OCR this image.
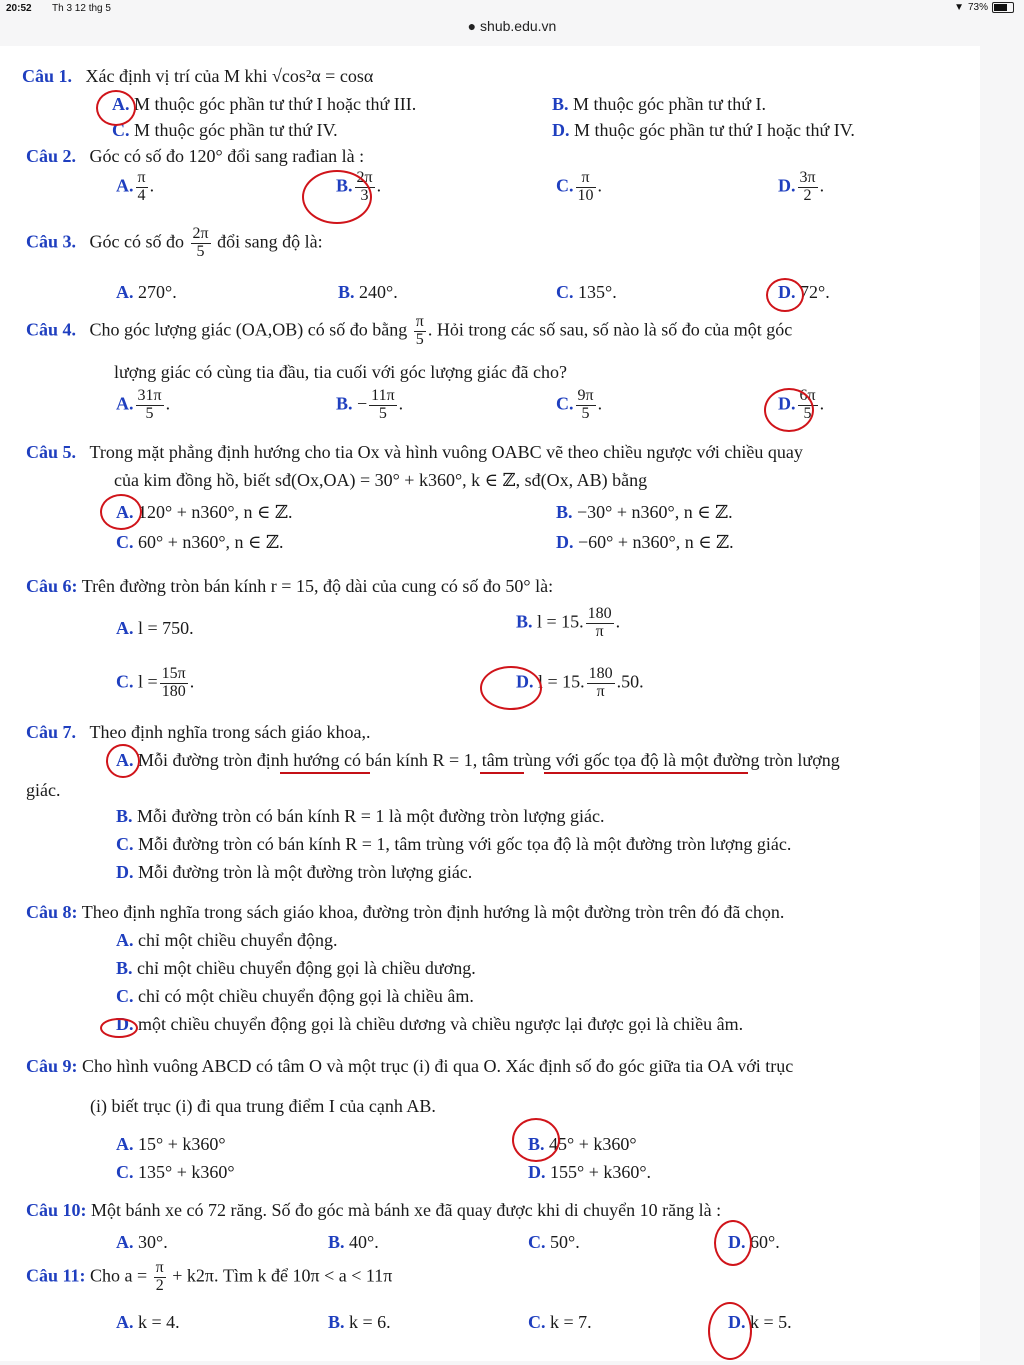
20:52 Th 3 12 thg 5	▼ 73%
● shub.edu.vn
Câu 1. Xác định vị trí của M khi √cos²α = cosα
A. M thuộc góc phần tư thứ I hoặc thứ III.	B. M thuộc góc phần tư thứ I.
C. M thuộc góc phần tư thứ IV.	D. M thuộc góc phần tư thứ I hoặc thứ IV.
Câu 2. Góc có số đo 120° đổi sang rađian là :
A. $\frac{\pi}{4}$ .	B. $\frac{2\pi}{3}$ .	C. $\frac{\pi}{10}$ .	D. $\frac{3\pi}{2}$ .
Câu 3. Góc có số đo $\frac{2\pi}{5}$ đổi sang độ là:
A. 270°.	B. 240°.	C. 135°.	D. 72°.
Câu 4. Cho góc lượng giác (OA,OB) có số đo bằng $\frac{\pi}{5}$ . Hỏi trong các số sau, số nào là số đo của một góc
lượng giác có cùng tia đầu, tia cuối với góc lượng giác đã cho?
A. $\frac{31\pi}{5}$ .	B. − $\frac{11\pi}{5}$ .	C. $\frac{9\pi}{5}$ .	D. $\frac{6\pi}{5}$ .
Câu 5. Trong mặt phẳng định hướng cho tia Ox và hình vuông OABC vẽ theo chiều ngược với chiều quay
của kim đồng hồ, biết sđ(Ox,OA) = 30° + k360°, k ∈ ℤ, sđ(Ox, AB) bằng
A. 120° + n360°, n ∈ ℤ.	B. −30° + n360°, n ∈ ℤ.
C. 60° + n360°, n ∈ ℤ.	D. −60° + n360°, n ∈ ℤ.
Câu 6: Trên đường tròn bán kính r = 15, độ dài của cung có số đo 50° là:
A. l = 750.	B. l = 15. $\frac{180}{\pi}$ .
C. $l = \frac{15\pi}{180}$ .	D. l = 15. $\frac{180}{\pi} .50$.
Câu 7. Theo định nghĩa trong sách giáo khoa,.
A. Mỗi đường tròn định hướng có bán kính R = 1, tâm trùng với gốc tọa độ là một đường tròn lượng
giác.
B. Mỗi đường tròn có bán kính R = 1 là một đường tròn lượng giác.
C. Mỗi đường tròn có bán kính R = 1, tâm trùng với gốc tọa độ là một đường tròn lượng giác.
D. Mỗi đường tròn là một đường tròn lượng giác.
Câu 8: Theo định nghĩa trong sách giáo khoa, đường tròn định hướng là một đường tròn trên đó đã chọn.
A. chỉ một chiều chuyển động.
B. chỉ một chiều chuyển động gọi là chiều dương.
C. chỉ có một chiều chuyển động gọi là chiều âm.
D. một chiều chuyển động gọi là chiều dương và chiều ngược lại được gọi là chiều âm.
Câu 9: Cho hình vuông ABCD có tâm O và một trục (i) đi qua O. Xác định số đo góc giữa tia OA với trục
(i) biết trục (i) đi qua trung điểm I của cạnh AB.
A. 15° + k360°	B. 45° + k360°
C. 135° + k360°	D. 155° + k360°.
Câu 10: Một bánh xe có 72 răng. Số đo góc mà bánh xe đã quay được khi di chuyển 10 răng là :
A. 30°.	B. 40°.	C. 50°.	D. 60°.
Câu 11: Cho $a = \frac{\pi}{2} + k2\pi$. Tìm k để 10π < a < 11π
A. k = 4.	B. k = 6.	C. k = 7.	D. k = 5.
